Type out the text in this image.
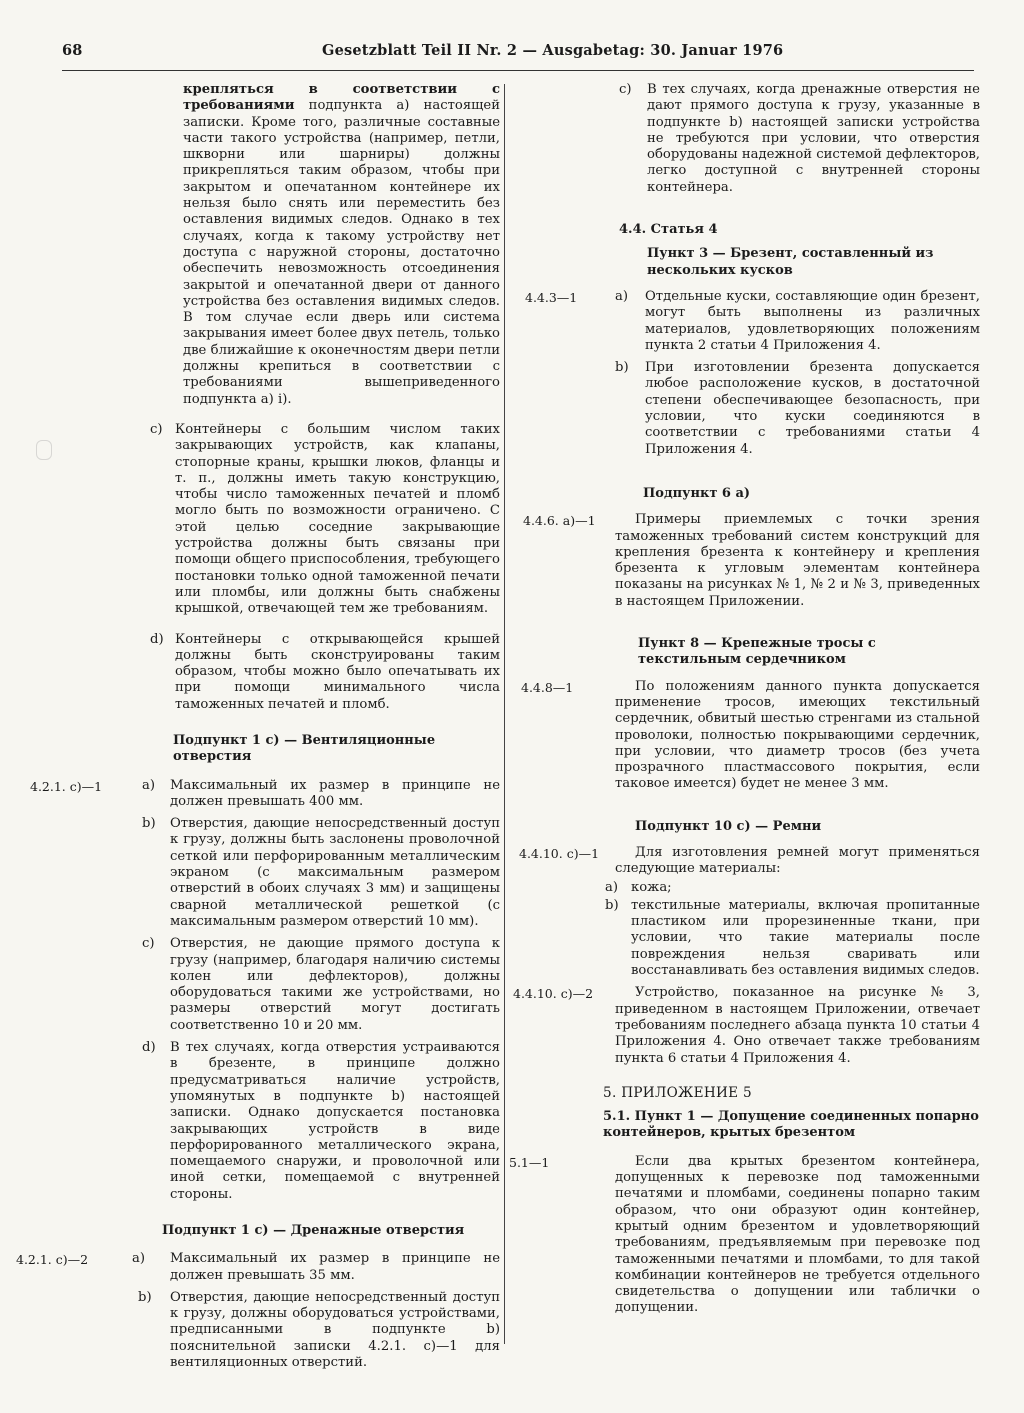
68	Gesetzblatt Teil II Nr. 2 — Ausgabetag: 30. Januar 1976

крепляться в соответствии с требованиями подпункта а) настоящей записки. Кроме того, различные составные части такого устройства (например, петли, шкворни или шарниры) должны прикрепляться таким образом, чтобы при закрытом и опечатанном контейнере их нельзя было снять или переместить без оставления видимых следов. Однако в тех случаях, когда к такому устройству нет доступа с наружной стороны, достаточно обеспечить невозможность отсоединения закрытой и опечатанной двери от данного устройства без оставления видимых следов. В том случае если дверь или система закрывания имеет более двух петель, только две ближайшие к оконечностям двери петли должны крепиться в соответствии с требованиями вышеприведенного подпункта а) i).

c) Контейнеры с большим числом таких закрывающих устройств, как клапаны, стопорные краны, крышки люков, фланцы и т. п., должны иметь такую конструкцию, чтобы число таможенных печатей и пломб могло быть по возможности ограничено. С этой целью соседние закрывающие устройства должны быть связаны при помощи общего приспособления, требующего постановки только одной таможенной печати или пломбы, или должны быть снабжены крышкой, отвечающей тем же требованиям.

d) Контейнеры с открывающейся крышей должны быть сконструированы таким образом, чтобы можно было опечатывать их при помощи минимального числа таможенных печатей и пломб.

Подпункт 1 c) — Вентиляционные отверстия
4.2.1. c)—1	a) Максимальный их размер в принципе не должен превышать 400 мм.

b) Отверстия, дающие непосредственный доступ к грузу, должны быть заслонены проволочной сеткой или перфорированным металлическим экраном (с максимальным размером отверстий в обоих случаях 3 мм) и защищены сварной металлической решеткой (с максимальным размером отверстий 10 мм).

c) Отверстия, не дающие прямого доступа к грузу (например, благодаря наличию системы колен или дефлекторов), должны оборудоваться такими же устройствами, но размеры отверстий могут достигать соответственно 10 и 20 мм.

d) В тех случаях, когда отверстия устраиваются в брезенте, в принципе должно предусматриваться наличие устройств, упомянутых в подпункте b) настоящей записки. Однако допускается постановка закрывающих устройств в виде перфорированного металлического экрана, помещаемого снаружи, и проволочной или иной сетки, помещаемой с внутренней стороны.

Подпункт 1 c) — Дренажные отверстия
4.2.1. c)—2	a) Максимальный их размер в принципе не должен превышать 35 мм.

b) Отверстия, дающие непосредственный доступ к грузу, должны оборудоваться устройствами, предписанными в подпункте b) пояснительной записки 4.2.1. c)—1 для вентиляционных отверстий.

c) В тех случаях, когда дренажные отверстия не дают прямого доступа к грузу, указанные в подпункте b) настоящей записки устройства не требуются при условии, что отверстия оборудованы надежной системой дефлекторов, легко доступной с внутренней стороны контейнера.

4.4. Статья 4
Пункт 3 — Брезент, составленный из нескольких кусков
4.4.3—1	a) Отдельные куски, составляющие один брезент, могут быть выполнены из различных материалов, удовлетворяющих положениям пункта 2 статьи 4 Приложения 4.

b) При изготовлении брезента допускается любое расположение кусков, в достаточной степени обеспечивающее безопасность, при условии, что куски соединяются в соответствии с требованиями статьи 4 Приложения 4.

Подпункт 6 a)
4.4.6. a)—1	Примеры приемлемых с точки зрения таможенных требований систем конструкций для крепления брезента к контейнеру и крепления брезента к угловым элементам контейнера показаны на рисунках № 1, № 2 и № 3, приведенных в настоящем Приложении.

Пункт 8 — Крепежные тросы с текстильным сердечником
4.4.8—1	По положениям данного пункта допускается применение тросов, имеющих текстильный сердечник, обвитый шестью стренгами из стальной проволоки, полностью покрывающими сердечник, при условии, что диаметр тросов (без учета прозрачного пластмассового покрытия, если таковое имеется) будет не менее 3 мм.

Подпункт 10 c) — Ремни
4.4.10. c)—1	Для изготовления ремней могут применяться следующие материалы:

a) кожа;

b) текстильные материалы, включая пропитанные пластиком или прорезиненные ткани, при условии, что такие материалы после повреждения нельзя сваривать или восстанавливать без оставления видимых следов.

4.4.10. c)—2	Устройство, показанное на рисунке № 3, приведенном в настоящем Приложении, отвечает требованиям последнего абзаца пункта 10 статьи 4 Приложения 4. Оно отвечает также требованиям пункта 6 статьи 4 Приложения 4.

5. ПРИЛОЖЕНИЕ 5
5.1. Пункт 1 — Допущение соединенных попарно контейнеров, крытых брезентом
5.1—1	Если два крытых брезентом контейнера, допущенных к перевозке под таможенными печатями и пломбами, соединены попарно таким образом, что они образуют один контейнер, крытый одним брезентом и удовлетворяющий требованиям, предъявляемым при перевозке под таможенными печатями и пломбами, то для такой комбинации контейнеров не требуется отдельного свидетельства о допущении или таблички о допущении.
